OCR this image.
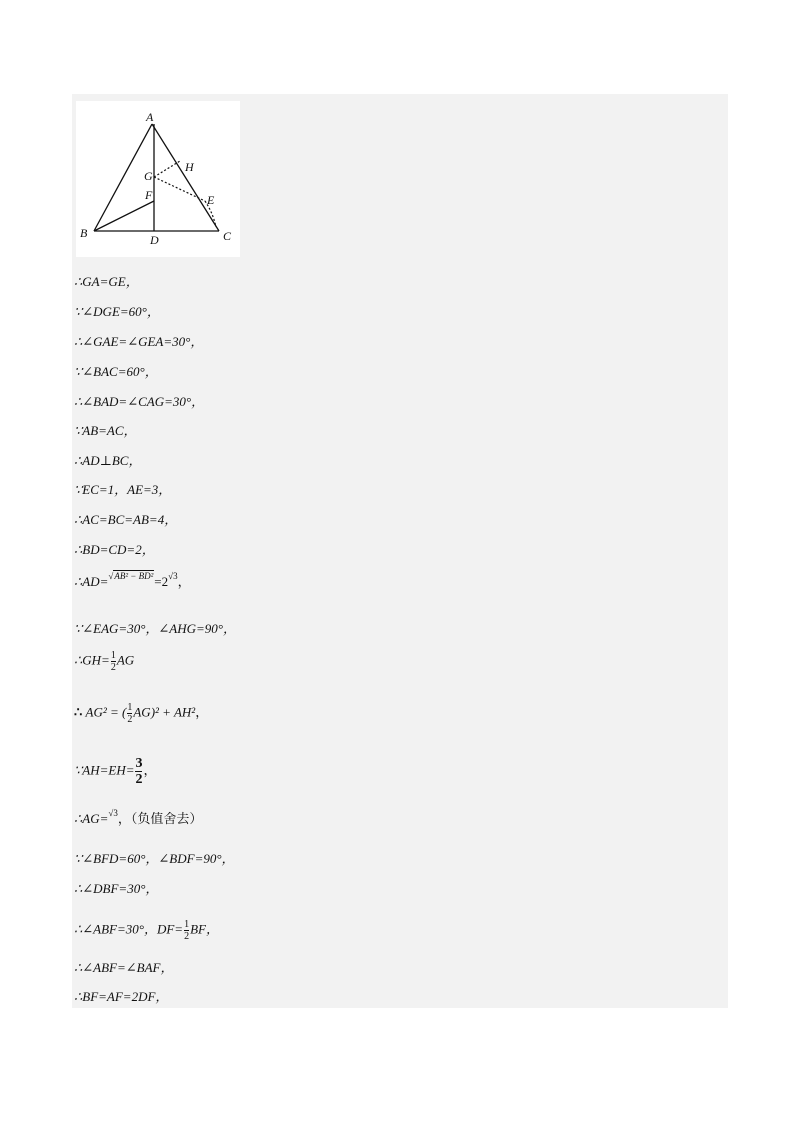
A
B	C
D
E
F
G
H
∴GA=GE，
∵∠DGE=60°，
∴∠GAE=∠GEA=30°，
∵∠BAC=60°，
∴∠BAD=∠CAG=30°，
∵AB=AC，
∴AD⊥BC，
∵EC=1，AE=3，
∴AC=BC=AB=4，
∴BD=CD=2，
$\therefore AD=^{√AB^2 - BD^2}=2^{√3}$，
∵∠EAG=30°，∠AHG=90°，
∴GH= $\frac{1}{2}$ AG
∴ AG² = ( $\frac{1}{2} AG)^2 + AH^2$，
∵AH=EH= $\frac{3}{2}$ ，
∴AG=$^{√3}$，（负值舍去）
∵∠BFD=60°，∠BDF=90°，
∴∠DBF=30°，
∴∠ABF=30°，$DF= \frac{1}{2}$ BF，
∴∠ABF=∠BAF，
∴BF=AF=2DF，
